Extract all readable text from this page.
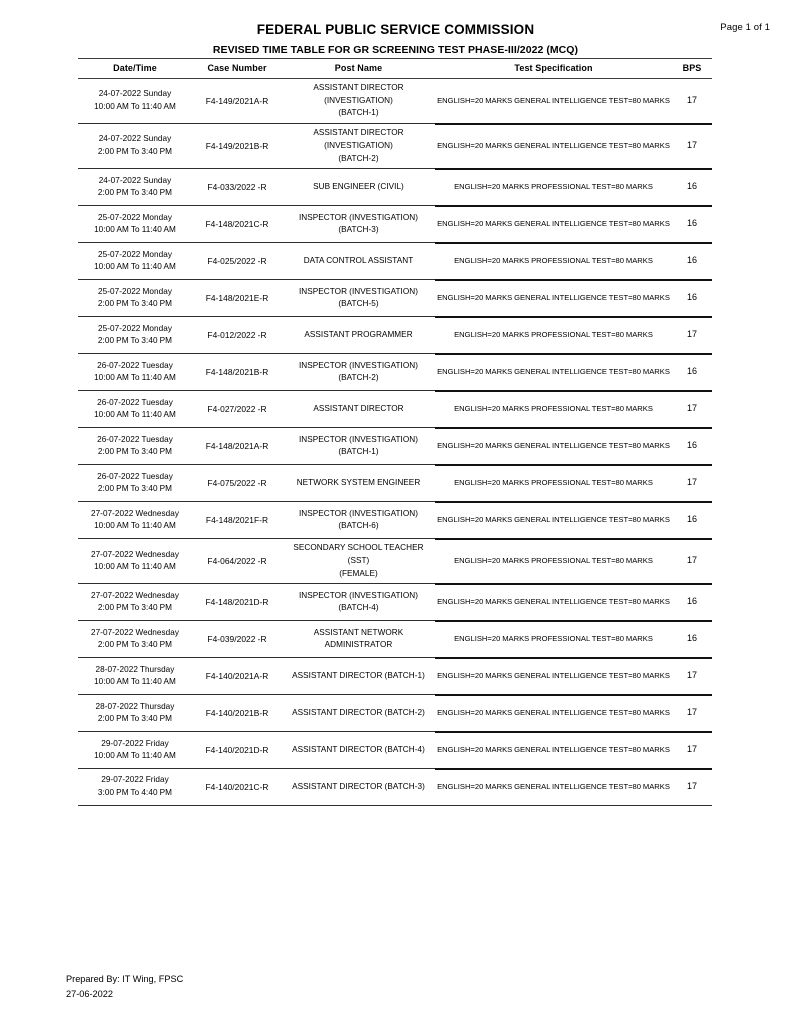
Page 1 of 1
FEDERAL PUBLIC SERVICE COMMISSION
REVISED TIME TABLE FOR GR SCREENING TEST PHASE-III/2022 (MCQ)
Date/Time	Case Number	Post Name	Test Specification	BPS

24-07-2022 Sunday
10:00 AM To 11:40 AM	F4-149/2021A-R	ASSISTANT DIRECTOR (INVESTIGATION)
(BATCH-1)	ENGLISH=20 MARKS GENERAL INTELLIGENCE TEST=80 MARKS	17

24-07-2022 Sunday
2:00 PM To 3:40 PM	F4-149/2021B-R	ASSISTANT DIRECTOR (INVESTIGATION)
(BATCH-2)	ENGLISH=20 MARKS GENERAL INTELLIGENCE TEST=80 MARKS	17

24-07-2022 Sunday
2:00 PM To 3:40 PM	F4-033/2022 -R	SUB ENGINEER (CIVIL)	ENGLISH=20 MARKS PROFESSIONAL TEST=80 MARKS	16

25-07-2022 Monday
10:00 AM To 11:40 AM	F4-148/2021C-R	INSPECTOR (INVESTIGATION) (BATCH-3)	ENGLISH=20 MARKS GENERAL INTELLIGENCE TEST=80 MARKS	16

25-07-2022 Monday
10:00 AM To 11:40 AM	F4-025/2022 -R	DATA CONTROL ASSISTANT	ENGLISH=20 MARKS PROFESSIONAL TEST=80 MARKS	16

25-07-2022 Monday
2:00 PM To 3:40 PM	F4-148/2021E-R	INSPECTOR (INVESTIGATION) (BATCH-5)	ENGLISH=20 MARKS GENERAL INTELLIGENCE TEST=80 MARKS	16

25-07-2022 Monday
2:00 PM To 3:40 PM	F4-012/2022 -R	ASSISTANT PROGRAMMER	ENGLISH=20 MARKS PROFESSIONAL TEST=80 MARKS	17

26-07-2022 Tuesday
10:00 AM To 11:40 AM	F4-148/2021B-R	INSPECTOR (INVESTIGATION) (BATCH-2)	ENGLISH=20 MARKS GENERAL INTELLIGENCE TEST=80 MARKS	16

26-07-2022 Tuesday
10:00 AM To 11:40 AM	F4-027/2022 -R	ASSISTANT DIRECTOR	ENGLISH=20 MARKS PROFESSIONAL TEST=80 MARKS	17

26-07-2022 Tuesday
2:00 PM To 3:40 PM	F4-148/2021A-R	INSPECTOR (INVESTIGATION) (BATCH-1)	ENGLISH=20 MARKS GENERAL INTELLIGENCE TEST=80 MARKS	16

26-07-2022 Tuesday
2:00 PM To 3:40 PM	F4-075/2022 -R	NETWORK SYSTEM ENGINEER	ENGLISH=20 MARKS PROFESSIONAL TEST=80 MARKS	17

27-07-2022 Wednesday
10:00 AM To 11:40 AM	F4-148/2021F-R	INSPECTOR (INVESTIGATION) (BATCH-6)	ENGLISH=20 MARKS GENERAL INTELLIGENCE TEST=80 MARKS	16

27-07-2022 Wednesday
10:00 AM To 11:40 AM	F4-064/2022 -R	SECONDARY SCHOOL TEACHER (SST)
(FEMALE)	ENGLISH=20 MARKS PROFESSIONAL TEST=80 MARKS	17

27-07-2022 Wednesday
2:00 PM To 3:40 PM	F4-148/2021D-R	INSPECTOR (INVESTIGATION) (BATCH-4)	ENGLISH=20 MARKS GENERAL INTELLIGENCE TEST=80 MARKS	16

27-07-2022 Wednesday
2:00 PM To 3:40 PM	F4-039/2022 -R	ASSISTANT NETWORK ADMINISTRATOR	ENGLISH=20 MARKS PROFESSIONAL TEST=80 MARKS	16

28-07-2022 Thursday
10:00 AM To 11:40 AM	F4-140/2021A-R	ASSISTANT DIRECTOR (BATCH-1)	ENGLISH=20 MARKS GENERAL INTELLIGENCE TEST=80 MARKS	17

28-07-2022 Thursday
2:00 PM To 3:40 PM	F4-140/2021B-R	ASSISTANT DIRECTOR (BATCH-2)	ENGLISH=20 MARKS GENERAL INTELLIGENCE TEST=80 MARKS	17

29-07-2022 Friday
10:00 AM To 11:40 AM	F4-140/2021D-R	ASSISTANT DIRECTOR (BATCH-4)	ENGLISH=20 MARKS GENERAL INTELLIGENCE TEST=80 MARKS	17

29-07-2022 Friday
3:00 PM To 4:40 PM	F4-140/2021C-R	ASSISTANT DIRECTOR (BATCH-3)	ENGLISH=20 MARKS GENERAL INTELLIGENCE TEST=80 MARKS	17
Prepared By: IT Wing, FPSC
27-06-2022
